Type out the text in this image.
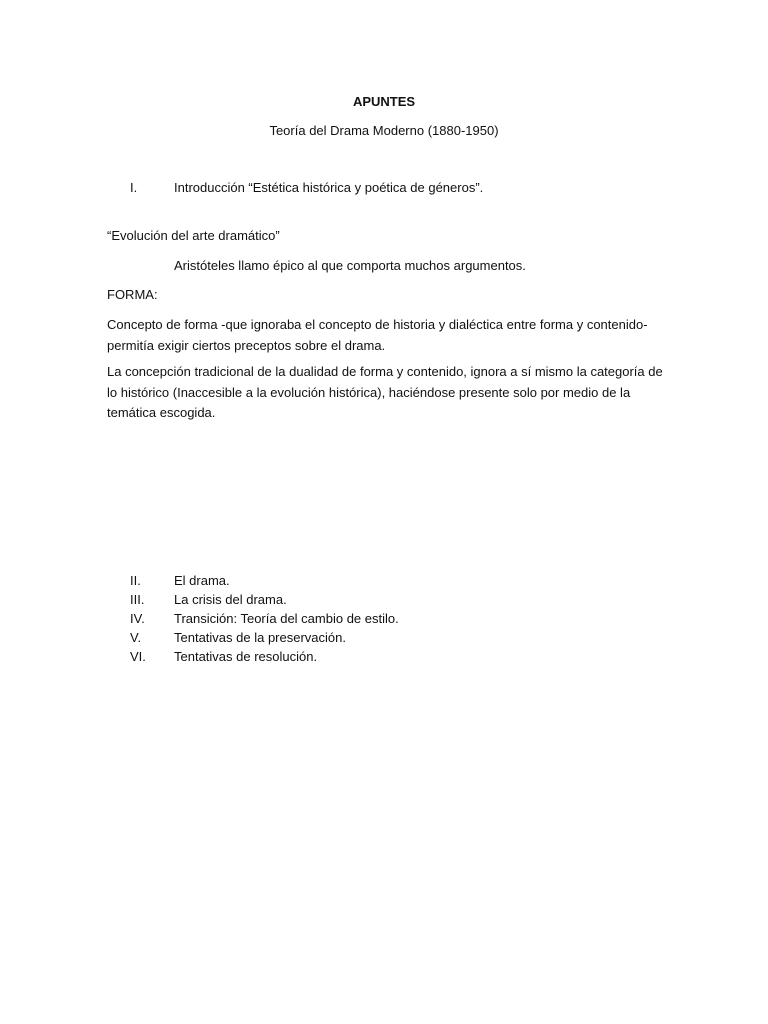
APUNTES
Teoría del Drama Moderno (1880-1950)
I.	Introducción “Estética histórica y poética de géneros”.
“Evolución del arte dramático”
Aristóteles llamo épico al que comporta muchos argumentos.
FORMA:

Concepto de forma -que ignoraba el concepto de historia y dialéctica entre forma y contenido-permitía exigir ciertos preceptos sobre el drama.

La concepción tradicional de la dualidad de forma y contenido, ignora a sí mismo la categoría de lo histórico (Inaccesible a la evolución histórica), haciéndose presente solo por medio de la temática escogida.

II.	El drama.
III.	La crisis del drama.
IV.	Transición: Teoría del cambio de estilo.
V.	Tentativas de la preservación.
VI.	Tentativas de resolución.
